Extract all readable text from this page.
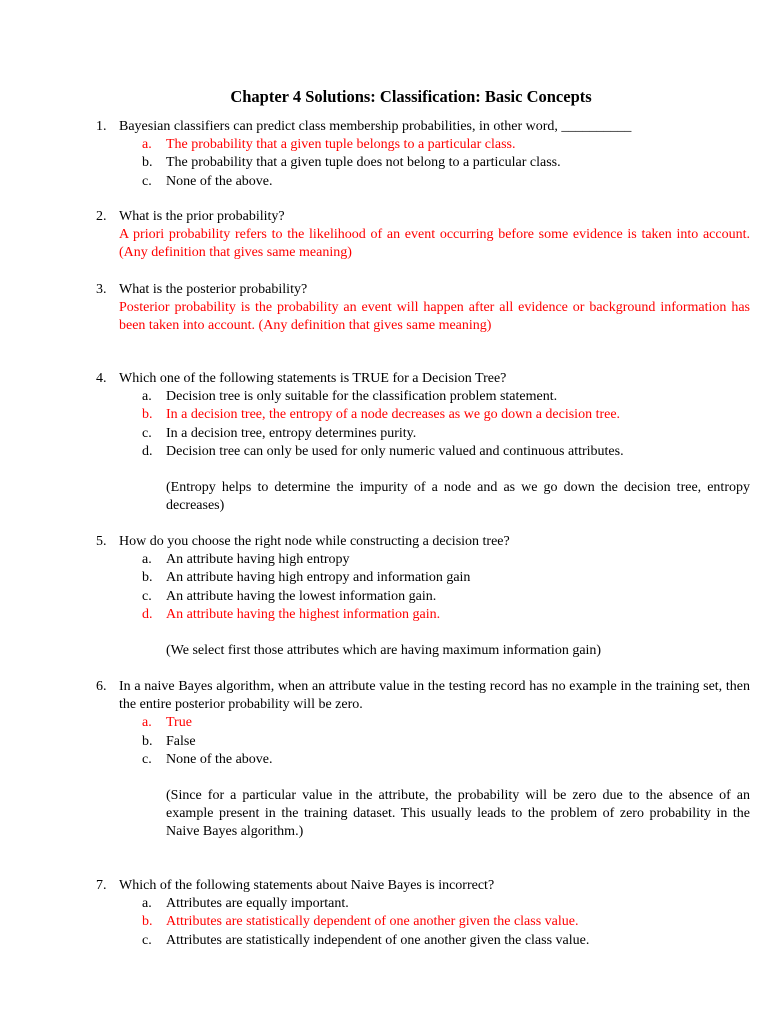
Chapter 4 Solutions: Classification: Basic Concepts
1. Bayesian classifiers can predict class membership probabilities, in other word, __________
a. The probability that a given tuple belongs to a particular class.
b. The probability that a given tuple does not belong to a particular class.
c. None of the above.
2. What is the prior probability?
A priori probability refers to the likelihood of an event occurring before some evidence is taken into account. (Any definition that gives same meaning)
3. What is the posterior probability?
Posterior probability is the probability an event will happen after all evidence or background information has been taken into account. (Any definition that gives same meaning)
4. Which one of the following statements is TRUE for a Decision Tree?
a. Decision tree is only suitable for the classification problem statement.
b. In a decision tree, the entropy of a node decreases as we go down a decision tree.
c. In a decision tree, entropy determines purity.
d. Decision tree can only be used for only numeric valued and continuous attributes.
(Entropy helps to determine the impurity of a node and as we go down the decision tree, entropy decreases)
5. How do you choose the right node while constructing a decision tree?
a. An attribute having high entropy
b. An attribute having high entropy and information gain
c. An attribute having the lowest information gain.
d. An attribute having the highest information gain.
(We select first those attributes which are having maximum information gain)
6. In a naive Bayes algorithm, when an attribute value in the testing record has no example in the training set, then the entire posterior probability will be zero.
a. True
b. False
c. None of the above.
(Since for a particular value in the attribute, the probability will be zero due to the absence of an example present in the training dataset. This usually leads to the problem of zero probability in the Naive Bayes algorithm.)
7. Which of the following statements about Naive Bayes is incorrect?
a. Attributes are equally important.
b. Attributes are statistically dependent of one another given the class value.
c. Attributes are statistically independent of one another given the class value.
